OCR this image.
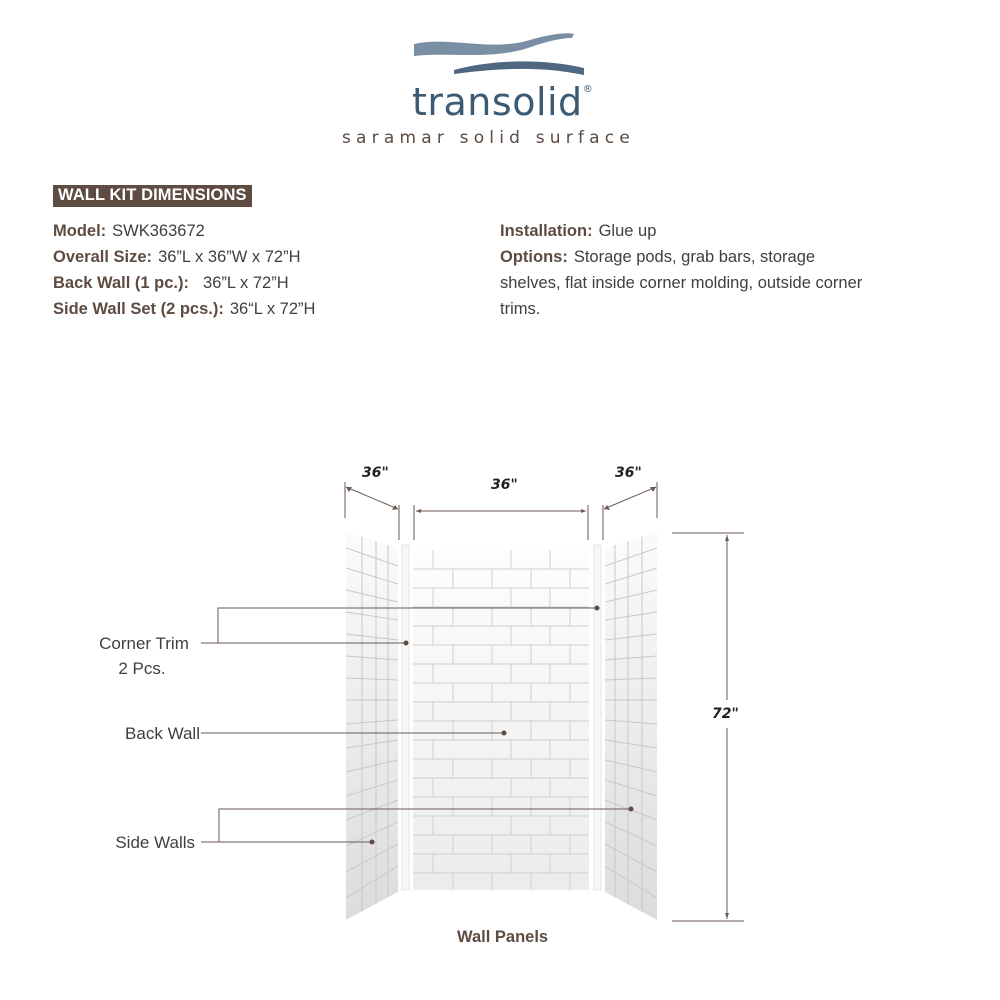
transolid®
saramar solid surface
WALL KIT DIMENSIONS
Model: SWK363672
Overall Size: 36”L x 36”W x 72”H
Back Wall (1 pc.): 36”L x 72”H
Side Wall Set (2 pcs.): 36“L x 72”H
Installation: Glue up
Options: Storage pods, grab bars, storage shelves, flat inside corner molding, outside corner trims.
36"
36"
36"
72"
Corner Trim
2 Pcs.
Back Wall
Side Walls
Wall Panels
